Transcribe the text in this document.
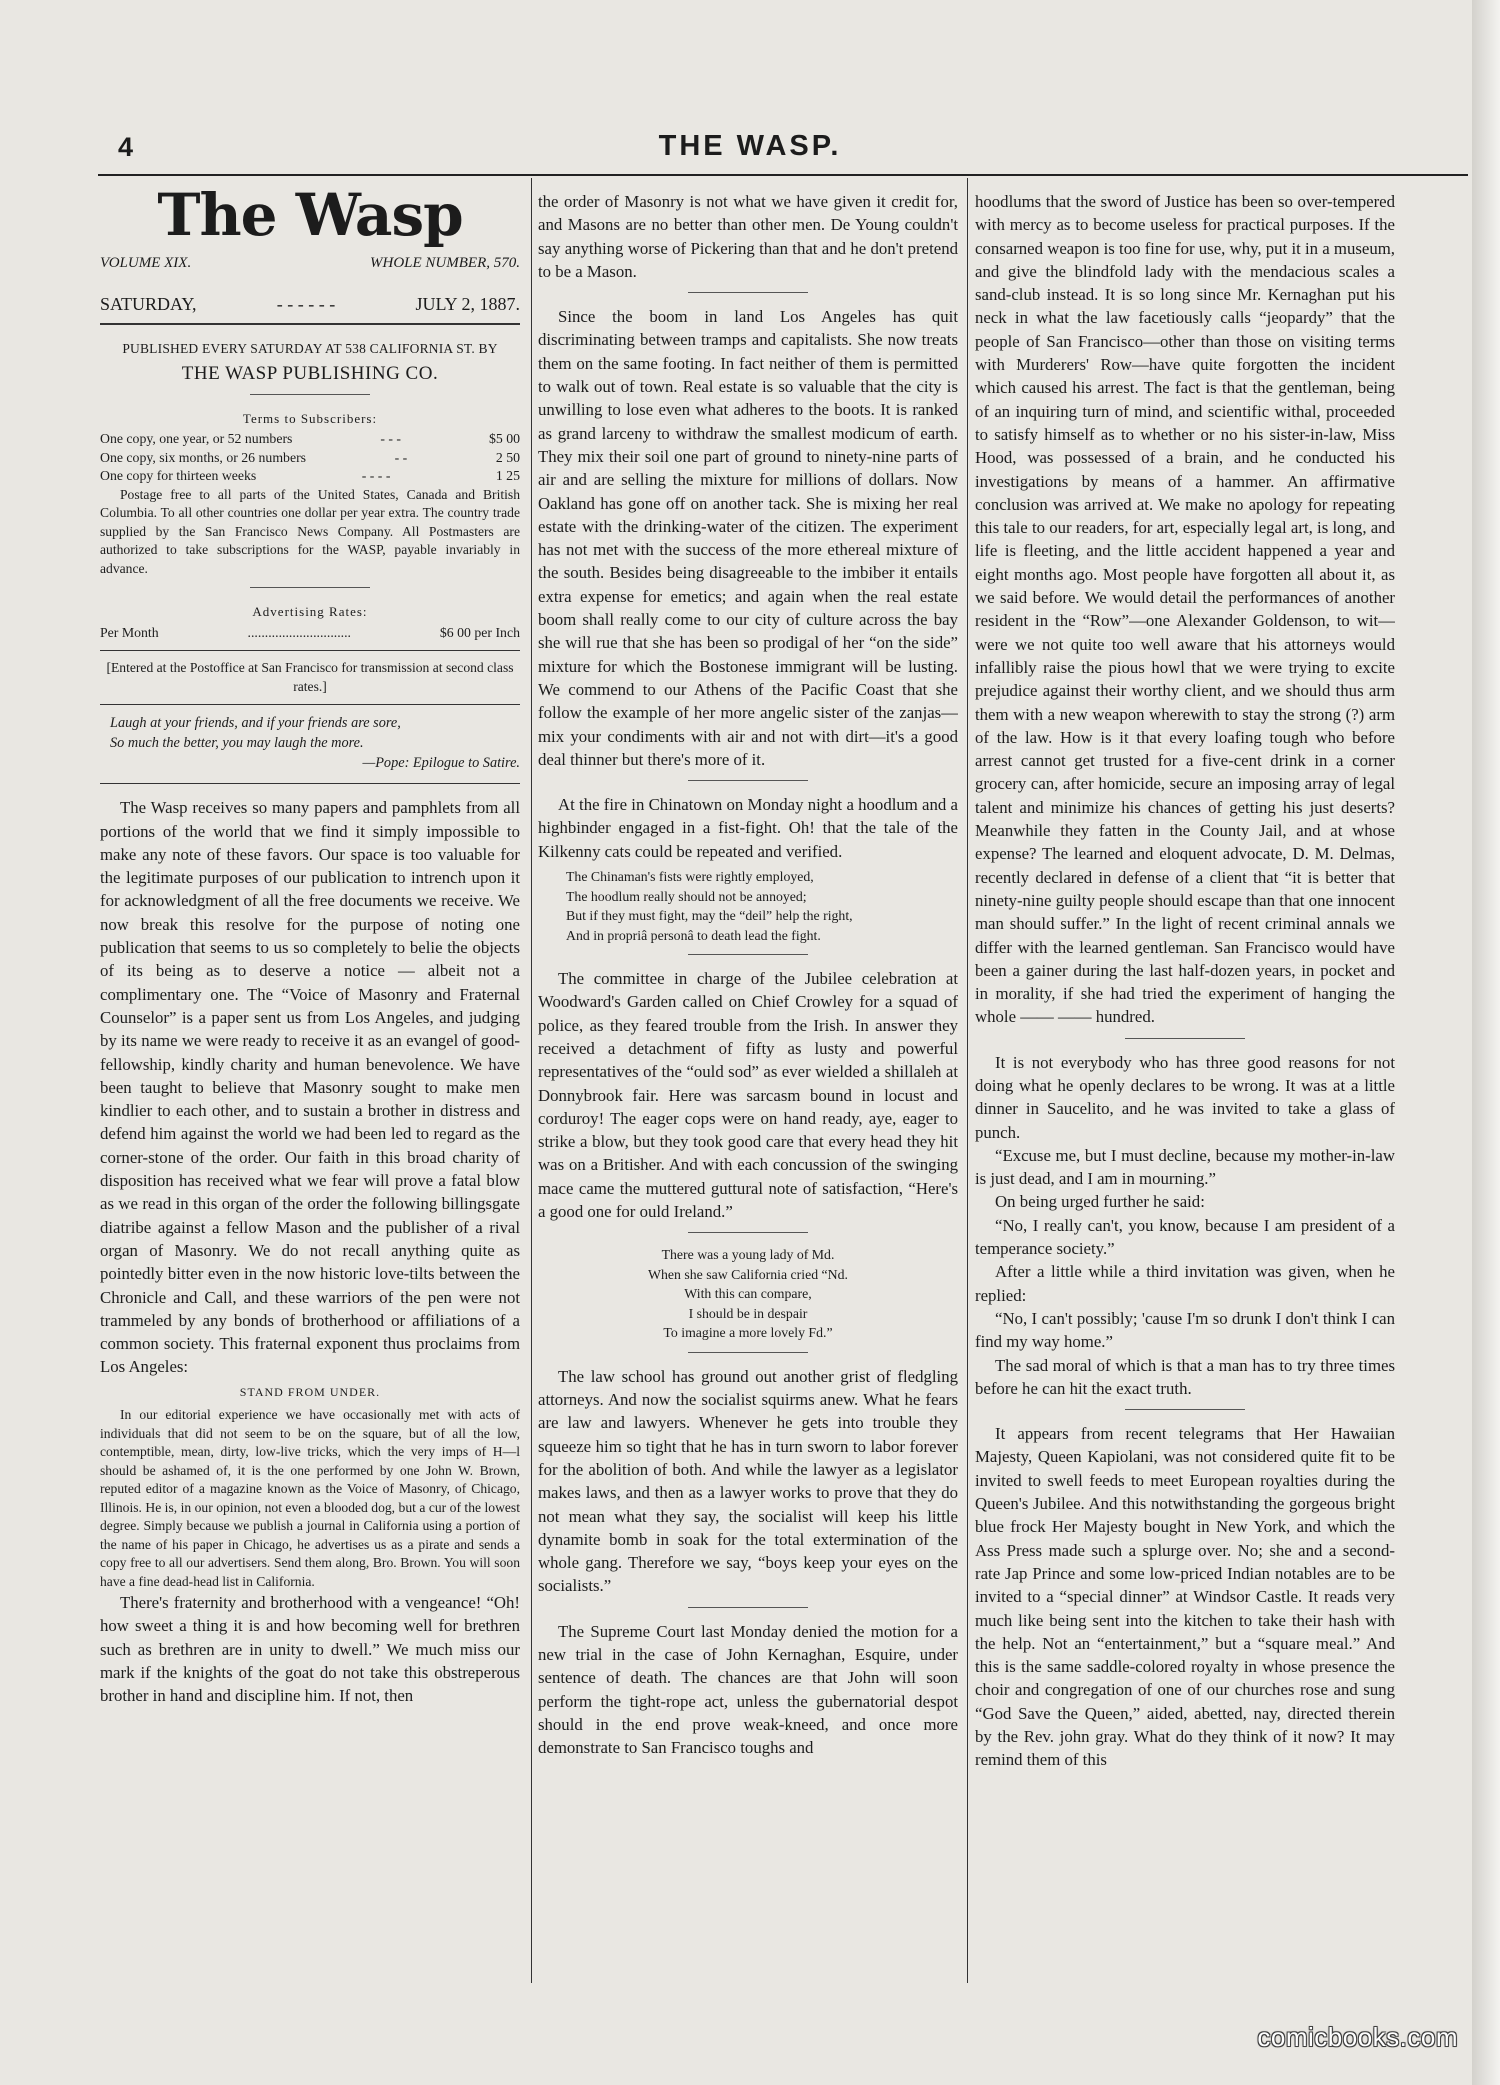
4	THE WASP.
The Wasp
VOLUME XIX.	WHOLE NUMBER, 570.
SATURDAY,	- - - - - -	JULY 2, 1887.
PUBLISHED EVERY SATURDAY AT 538 CALIFORNIA ST. BY
THE WASP PUBLISHING CO.
Terms to Subscribers:
One copy, one year, or 52 numbers	- - -	$5 00
One copy, six months, or 26 numbers	- -	2 50
One copy for thirteen weeks	- - - -	1 25

Postage free to all parts of the United States, Canada and British Columbia. To all other countries one dollar per year extra. The country trade supplied by the San Francisco News Company. All Postmasters are authorized to take subscriptions for the WASP, payable invariably in advance.

Advertising Rates:
Per Month	..............................	$6 00 per Inch
[Entered at the Postoffice at San Francisco for transmission at second class rates.]
Laugh at your friends, and if your friends are sore,
So much the better, you may laugh the more.
—Pope: Epilogue to Satire.

The Wasp receives so many papers and pamphlets from all portions of the world that we find it simply impossible to make any note of these favors. Our space is too valuable for the legitimate purposes of our publication to intrench upon it for acknowledgment of all the free documents we receive. We now break this resolve for the purpose of noting one publication that seems to us so completely to belie the objects of its being as to deserve a notice — albeit not a complimentary one. The “Voice of Masonry and Fraternal Counselor” is a paper sent us from Los Angeles, and judging by its name we were ready to receive it as an evangel of good-fellowship, kindly charity and human benevolence. We have been taught to believe that Masonry sought to make men kindlier to each other, and to sustain a brother in distress and defend him against the world we had been led to regard as the corner-stone of the order. Our faith in this broad charity of disposition has received what we fear will prove a fatal blow as we read in this organ of the order the following billingsgate diatribe against a fellow Mason and the publisher of a rival organ of Masonry. We do not recall anything quite as pointedly bitter even in the now historic love-tilts between the Chronicle and Call, and these warriors of the pen were not trammeled by any bonds of brotherhood or affiliations of a common society. This fraternal exponent thus proclaims from Los Angeles:

STAND FROM UNDER.

In our editorial experience we have occasionally met with acts of individuals that did not seem to be on the square, but of all the low, contemptible, mean, dirty, low-live tricks, which the very imps of H—l should be ashamed of, it is the one performed by one John W. Brown, reputed editor of a magazine known as the Voice of Masonry, of Chicago, Illinois. He is, in our opinion, not even a blooded dog, but a cur of the lowest degree. Simply because we publish a journal in California using a portion of the name of his paper in Chicago, he advertises us as a pirate and sends a copy free to all our advertisers. Send them along, Bro. Brown. You will soon have a fine dead-head list in California.

There's fraternity and brotherhood with a vengeance! “Oh! how sweet a thing it is and how becoming well for brethren such as brethren are in unity to dwell.” We much miss our mark if the knights of the goat do not take this obstreperous brother in hand and discipline him. If not, then

the order of Masonry is not what we have given it credit for, and Masons are no better than other men. De Young couldn't say anything worse of Pickering than that and he don't pretend to be a Mason.

Since the boom in land Los Angeles has quit discriminating between tramps and capitalists. She now treats them on the same footing. In fact neither of them is permitted to walk out of town. Real estate is so valuable that the city is unwilling to lose even what adheres to the boots. It is ranked as grand larceny to withdraw the smallest modicum of earth. They mix their soil one part of ground to ninety-nine parts of air and are selling the mixture for millions of dollars. Now Oakland has gone off on another tack. She is mixing her real estate with the drinking-water of the citizen. The experiment has not met with the success of the more ethereal mixture of the south. Besides being disagreeable to the imbiber it entails extra expense for emetics; and again when the real estate boom shall really come to our city of culture across the bay she will rue that she has been so prodigal of her “on the side” mixture for which the Bostonese immigrant will be lusting. We commend to our Athens of the Pacific Coast that she follow the example of her more angelic sister of the zanjas—mix your condiments with air and not with dirt—it's a good deal thinner but there's more of it.

At the fire in Chinatown on Monday night a hoodlum and a highbinder engaged in a fist-fight. Oh! that the tale of the Kilkenny cats could be repeated and verified.

The Chinaman's fists were rightly employed,
The hoodlum really should not be annoyed;
But if they must fight, may the “deil” help the right,
And in propriâ personâ to death lead the fight.

The committee in charge of the Jubilee celebration at Woodward's Garden called on Chief Crowley for a squad of police, as they feared trouble from the Irish. In answer they received a detachment of fifty as lusty and powerful representatives of the “ould sod” as ever wielded a shillaleh at Donnybrook fair. Here was sarcasm bound in locust and corduroy! The eager cops were on hand ready, aye, eager to strike a blow, but they took good care that every head they hit was on a Britisher. And with each concussion of the swinging mace came the muttered guttural note of satisfaction, “Here's a good one for ould Ireland.”

There was a young lady of Md.
When she saw California cried “Nd.
With this can compare,
I should be in despair
To imagine a more lovely Fd.”

The law school has ground out another grist of fledgling attorneys. And now the socialist squirms anew. What he fears are law and lawyers. Whenever he gets into trouble they squeeze him so tight that he has in turn sworn to labor forever for the abolition of both. And while the lawyer as a legislator makes laws, and then as a lawyer works to prove that they do not mean what they say, the socialist will keep his little dynamite bomb in soak for the total extermination of the whole gang. Therefore we say, “boys keep your eyes on the socialists.”

The Supreme Court last Monday denied the motion for a new trial in the case of John Kernaghan, Esquire, under sentence of death. The chances are that John will soon perform the tight-rope act, unless the gubernatorial despot should in the end prove weak-kneed, and once more demonstrate to San Francisco toughs and

hoodlums that the sword of Justice has been so over-tempered with mercy as to become useless for practical purposes. If the consarned weapon is too fine for use, why, put it in a museum, and give the blindfold lady with the mendacious scales a sand-club instead. It is so long since Mr. Kernaghan put his neck in what the law facetiously calls “jeopardy” that the people of San Francisco—other than those on visiting terms with Murderers' Row—have quite forgotten the incident which caused his arrest. The fact is that the gentleman, being of an inquiring turn of mind, and scientific withal, proceeded to satisfy himself as to whether or no his sister-in-law, Miss Hood, was possessed of a brain, and he conducted his investigations by means of a hammer. An affirmative conclusion was arrived at. We make no apology for repeating this tale to our readers, for art, especially legal art, is long, and life is fleeting, and the little accident happened a year and eight months ago. Most people have forgotten all about it, as we said before. We would detail the performances of another resident in the “Row”—one Alexander Goldenson, to wit—were we not quite too well aware that his attorneys would infallibly raise the pious howl that we were trying to excite prejudice against their worthy client, and we should thus arm them with a new weapon wherewith to stay the strong (?) arm of the law. How is it that every loafing tough who before arrest cannot get trusted for a five-cent drink in a corner grocery can, after homicide, secure an imposing array of legal talent and minimize his chances of getting his just deserts? Meanwhile they fatten in the County Jail, and at whose expense? The learned and eloquent advocate, D. M. Delmas, recently declared in defense of a client that “it is better that ninety-nine guilty people should escape than that one innocent man should suffer.” In the light of recent criminal annals we differ with the learned gentleman. San Francisco would have been a gainer during the last half-dozen years, in pocket and in morality, if she had tried the experiment of hanging the whole —— —— hundred.

It is not everybody who has three good reasons for not doing what he openly declares to be wrong. It was at a little dinner in Saucelito, and he was invited to take a glass of punch.

“Excuse me, but I must decline, because my mother-in-law is just dead, and I am in mourning.”

On being urged further he said:

“No, I really can't, you know, because I am president of a temperance society.”

After a little while a third invitation was given, when he replied:

“No, I can't possibly; 'cause I'm so drunk I don't think I can find my way home.”

The sad moral of which is that a man has to try three times before he can hit the exact truth.

It appears from recent telegrams that Her Hawaiian Majesty, Queen Kapiolani, was not considered quite fit to be invited to swell feeds to meet European royalties during the Queen's Jubilee. And this notwithstanding the gorgeous bright blue frock Her Majesty bought in New York, and which the Ass Press made such a splurge over. No; she and a second-rate Jap Prince and some low-priced Indian notables are to be invited to a “special dinner” at Windsor Castle. It reads very much like being sent into the kitchen to take their hash with the help. Not an “entertainment,” but a “square meal.” And this is the same saddle-colored royalty in whose presence the choir and congregation of one of our churches rose and sung “God Save the Queen,” aided, abetted, nay, directed therein by the Rev. john gray. What do they think of it now? It may remind them of this

comicbooks.com
